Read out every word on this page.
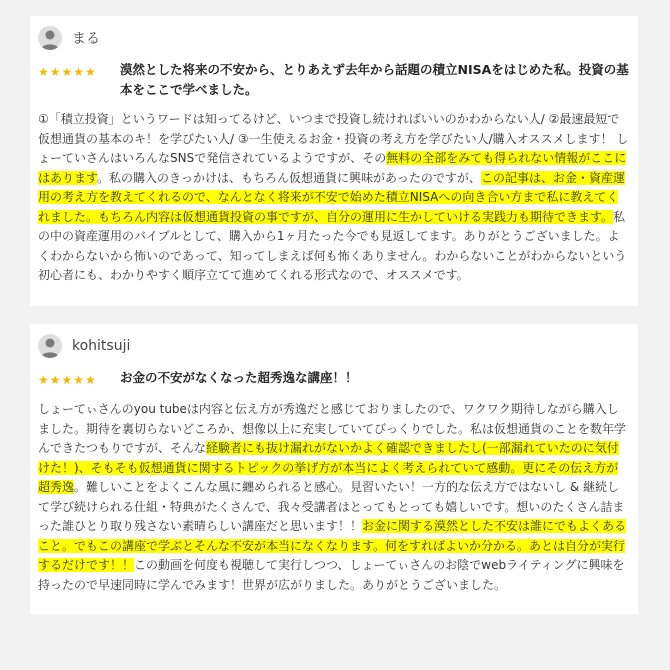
まる
★★★★★	漠然とした将来の不安から、とりあえず去年から話題の積立NISAをはじめた私。投資の基本をここで学べました。
①「積立投資」というワードは知ってるけど、いつまで投資し続ければいいのかわからない人/ ②最速最短で仮想通貨の基本のキ！を学びたい人/ ③一生使えるお金・投資の考え方を学びたい人/購入オススメします！ しょーていさんはいろんなSNSで発信されているようですが、その無料の全部をみても得られない情報がここにはあります。私の購入のきっかけは、もちろん仮想通貨に興味があったのですが、この記事は、お金・資産運用の考え方を教えてくれるので、なんとなく将来が不安で始めた積立NISAへの向き合い方まで私に教えてくれました。もちろん内容は仮想通貨投資の事ですが、自分の運用に生かしていける実践力も期待できます。私の中の資産運用のバイブルとして、購入から1ヶ月たった今でも見返してます。ありがとうございました。よくわからないから怖いのであって、知ってしまえば何も怖くありません。わからないことがわからないという初心者にも、わかりやすく順序立てて進めてくれる形式なので、オススメです。
kohitsuji
★★★★★	お金の不安がなくなった超秀逸な講座！！
しょーてぃさんのyou tubeは内容と伝え方が秀逸だと感じておりましたので、ワクワク期待しながら購入しました。期待を裏切らないどころか、想像以上に充実していてびっくりでした。私は仮想通貨のことを数年学んできたつもりですが、そんな経験者にも抜け漏れがないかよく確認できましたし(一部漏れていたのに気付けた！)、そもそも仮想通貨に関するトピックの挙げ方が本当によく考えられていて感動。更にその伝え方が超秀逸。難しいことをよくこんな風に纏められると感心。見習いたい！一方的な伝え方ではないし & 継続して学び続けられる仕組・特典がたくさんで、我々受講者はとってもとっても嬉しいです。想いのたくさん詰まった誰ひとり取り残さない素晴らしい講座だと思います！！お金に関する漠然とした不安は誰にでもよくあること。でもこの講座で学ぶとそんな不安が本当になくなります。何をすればよいか分かる。あとは自分が実行するだけです！！この動画を何度も視聴して実行しつつ、しょーてぃさんのお陰でwebライティングに興味を持ったので早速同時に学んでみます！世界が広がりました。ありがとうございました。
